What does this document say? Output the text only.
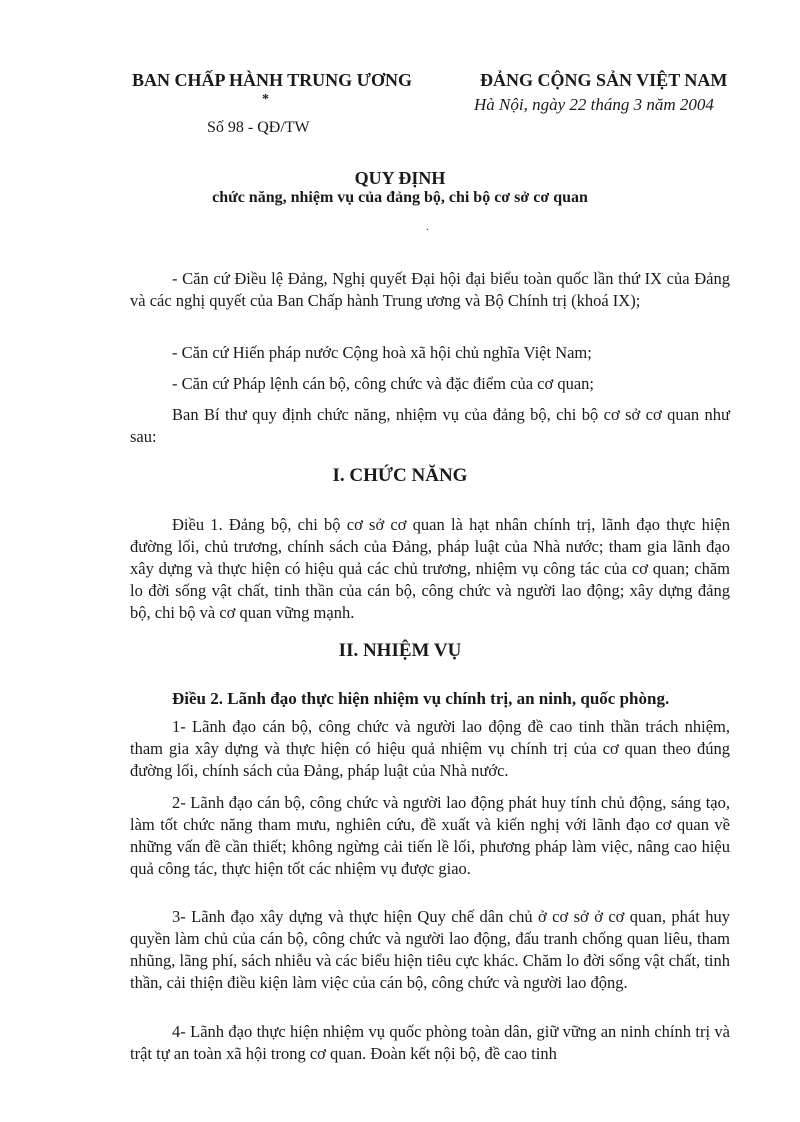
BAN CHẤP HÀNH TRUNG ƯƠNG
*
ĐẢNG CỘNG SẢN VIỆT NAM
Hà Nội, ngày 22 tháng 3 năm 2004
Số 98 - QĐ/TW
QUY ĐỊNH
chức năng, nhiệm vụ của đảng bộ, chi bộ cơ sở cơ quan
.
- Căn cứ Điều lệ Đảng, Nghị quyết Đại hội đại biểu toàn quốc lần thứ IX của Đảng và các nghị quyết của Ban Chấp hành Trung ương và Bộ Chính trị (khoá IX);
- Căn cứ Hiến pháp nước Cộng hoà xã hội chủ nghĩa Việt Nam;
- Căn cứ Pháp lệnh cán bộ, công chức và đặc điểm của cơ quan;
Ban Bí thư quy định chức năng, nhiệm vụ của đảng bộ, chi bộ cơ sở cơ quan như sau:
I. CHỨC NĂNG
Điều 1. Đảng bộ, chi bộ cơ sở cơ quan là hạt nhân chính trị, lãnh đạo thực hiện đường lối, chủ trương, chính sách của Đảng, pháp luật của Nhà nước; tham gia lãnh đạo xây dựng và thực hiện có hiệu quả các chủ trương, nhiệm vụ công tác của cơ quan; chăm lo đời sống vật chất, tinh thần của cán bộ, công chức và người lao động; xây dựng đảng bộ, chi bộ và cơ quan vững mạnh.
II. NHIỆM VỤ
Điều 2. Lãnh đạo thực hiện nhiệm vụ chính trị, an ninh, quốc phòng.
1- Lãnh đạo cán bộ, công chức và người lao động đề cao tinh thần trách nhiệm, tham gia xây dựng và thực hiện có hiệu quả nhiệm vụ chính trị của cơ quan theo đúng đường lối, chính sách của Đảng, pháp luật của Nhà nước.
2- Lãnh đạo cán bộ, công chức và người lao động phát huy tính chủ động, sáng tạo, làm tốt chức năng tham mưu, nghiên cứu, đề xuất và kiến nghị với lãnh đạo cơ quan về những vấn đề cần thiết; không ngừng cải tiến lề lối, phương pháp làm việc, nâng cao hiệu quả công tác, thực hiện tốt các nhiệm vụ được giao.
3- Lãnh đạo xây dựng và thực hiện Quy chế dân chủ ở cơ sở ở cơ quan, phát huy quyền làm chủ của cán bộ, công chức và người lao động, đấu tranh chống quan liêu, tham nhũng, lãng phí, sách nhiễu và các biểu hiện tiêu cực khác. Chăm lo đời sống vật chất, tinh thần, cải thiện điều kiện làm việc của cán bộ, công chức và người lao động.
4- Lãnh đạo thực hiện nhiệm vụ quốc phòng toàn dân, giữ vững an ninh chính trị và trật tự an toàn xã hội trong cơ quan. Đoàn kết nội bộ, đề cao tinh
